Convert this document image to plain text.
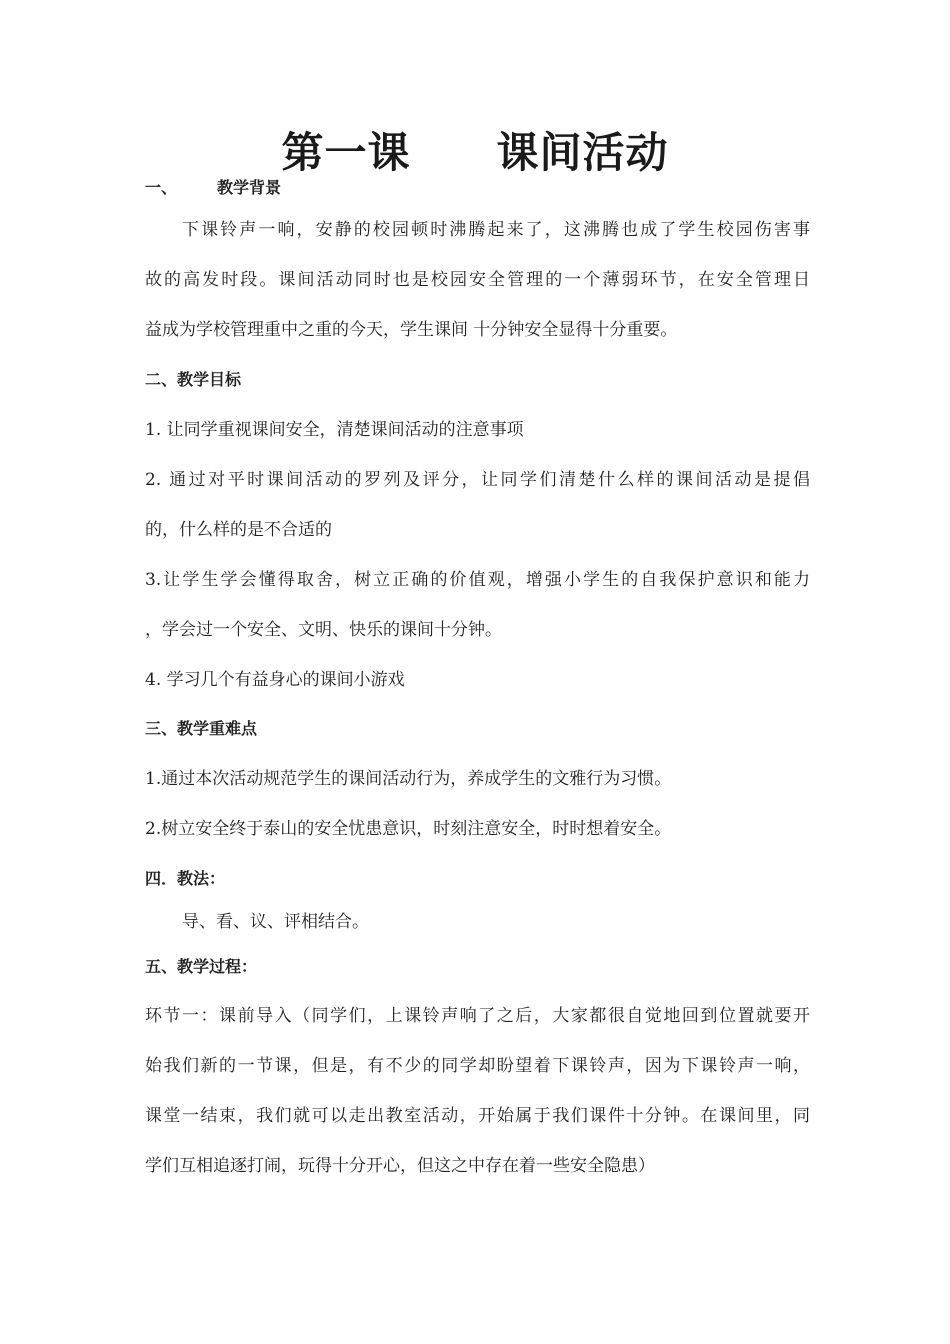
第一课　　课间活动
一、	教学背景
下课铃声一响，安静的校园顿时沸腾起来了，这沸腾也成了学生校园伤害事
故的高发时段。课间活动同时也是校园安全管理的一个薄弱环节，在安全管理日
益成为学校管理重中之重的今天，学生课间 十分钟安全显得十分重要。
二、教学目标
1. 让同学重视课间安全，清楚课间活动的注意事项
2. 通过对平时课间活动的罗列及评分，让同学们清楚什么样的课间活动是提倡
的，什么样的是不合适的
3.让学生学会懂得取舍，树立正确的价值观，增强小学生的自我保护意识和能力
，学会过一个安全、文明、快乐的课间十分钟。
4. 学习几个有益身心的课间小游戏
三、教学重难点
1.通过本次活动规范学生的课间活动行为，养成学生的文雅行为习惯。
2.树立安全终于泰山的安全忧患意识，时刻注意安全，时时想着安全。
四．教法：
导、看、议、评相结合。
五、教学过程：
环节一：课前导入（同学们，上课铃声响了之后，大家都很自觉地回到位置就要开
始我们新的一节课，但是，有不少的同学却盼望着下课铃声，因为下课铃声一响，
课堂一结束，我们就可以走出教室活动，开始属于我们课件十分钟。在课间里，同
学们互相追逐打闹，玩得十分开心，但这之中存在着一些安全隐患）
